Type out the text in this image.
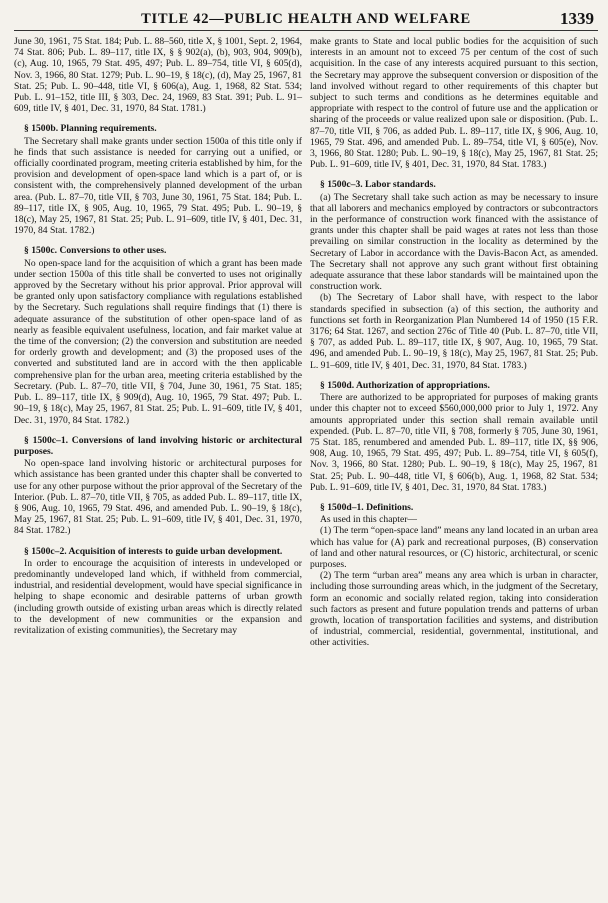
TITLE 42—PUBLIC HEALTH AND WELFARE	1339

June 30, 1961, 75 Stat. 184; Pub. L. 88–560, title X, § 1001, Sept. 2, 1964, 74 Stat. 806; Pub. L. 89–117, title IX, § § 902(a), (b), 903, 904, 909(b), (c), Aug. 10, 1965, 79 Stat. 495, 497; Pub. L. 89–754, title VI, § 605(d), Nov. 3, 1966, 80 Stat. 1279; Pub. L. 90–19, § 18(c), (d), May 25, 1967, 81 Stat. 25; Pub. L. 90–448, title VI, § 606(a), Aug. 1, 1968, 82 Stat. 534; Pub. L. 91–152, title III, § 303, Dec. 24, 1969, 83 Stat. 391; Pub. L. 91–609, title IV, § 401, Dec. 31, 1970, 84 Stat. 1781.)

§ 1500b. Planning requirements.

The Secretary shall make grants under section 1500a of this title only if he finds that such assistance is needed for carrying out a unified, or officially coordinated program, meeting criteria established by him, for the provision and development of open-space land which is a part of, or is consistent with, the comprehensively planned development of the urban area. (Pub. L. 87–70, title VII, § 703, June 30, 1961, 75 Stat. 184; Pub. L. 89–117, title IX, § 905, Aug. 10, 1965, 79 Stat. 495; Pub. L. 90–19, § 18(c), May 25, 1967, 81 Stat. 25; Pub. L. 91–609, title IV, § 401, Dec. 31, 1970, 84 Stat. 1782.)

§ 1500c. Conversions to other uses.

No open-space land for the acquisition of which a grant has been made under section 1500a of this title shall be converted to uses not originally approved by the Secretary without his prior approval. Prior approval will be granted only upon satisfactory compliance with regulations established by the Secretary. Such regulations shall require findings that (1) there is adequate assurance of the substitution of other open-space land of as nearly as feasible equivalent usefulness, location, and fair market value at the time of the conversion; (2) the conversion and substitution are needed for orderly growth and development; and (3) the proposed uses of the converted and substituted land are in accord with the then applicable comprehensive plan for the urban area, meeting criteria established by the Secretary. (Pub. L. 87–70, title VII, § 704, June 30, 1961, 75 Stat. 185; Pub. L. 89–117, title IX, § 909(d), Aug. 10, 1965, 79 Stat. 497; Pub. L. 90–19, § 18(c), May 25, 1967, 81 Stat. 25; Pub. L. 91–609, title IV, § 401, Dec. 31, 1970, 84 Stat. 1782.)

§ 1500c–1. Conversions of land involving historic or architectural purposes.

No open-space land involving historic or architectural purposes for which assistance has been granted under this chapter shall be converted to use for any other purpose without the prior approval of the Secretary of the Interior. (Pub. L. 87–70, title VII, § 705, as added Pub. L. 89–117, title IX, § 906, Aug. 10, 1965, 79 Stat. 496, and amended Pub. L. 90–19, § 18(c), May 25, 1967, 81 Stat. 25; Pub. L. 91–609, title IV, § 401, Dec. 31, 1970, 84 Stat. 1782.)

§ 1500c–2. Acquisition of interests to guide urban development.

In order to encourage the acquisition of interests in undeveloped or predominantly undeveloped land which, if withheld from commercial, industrial, and residential development, would have special significance in helping to shape economic and desirable patterns of urban growth (including growth outside of existing urban areas which is directly related to the development of new communities or the expansion and revitalization of existing communities), the Secretary may

make grants to State and local public bodies for the acquisition of such interests in an amount not to exceed 75 per centum of the cost of such acquisition. In the case of any interests acquired pursuant to this section, the Secretary may approve the subsequent conversion or disposition of the land involved without regard to other requirements of this chapter but subject to such terms and conditions as he determines equitable and appropriate with respect to the control of future use and the application or sharing of the proceeds or value realized upon sale or disposition. (Pub. L. 87–70, title VII, § 706, as added Pub. L. 89–117, title IX, § 906, Aug. 10, 1965, 79 Stat. 496, and amended Pub. L. 89–754, title VI, § 605(e), Nov. 3, 1966, 80 Stat. 1280; Pub. L. 90–19, § 18(c), May 25, 1967, 81 Stat. 25; Pub. L. 91–609, title IV, § 401, Dec. 31, 1970, 84 Stat. 1783.)

§ 1500c–3. Labor standards.

(a) The Secretary shall take such action as may be necessary to insure that all laborers and mechanics employed by contractors or subcontractors in the performance of construction work financed with the assistance of grants under this chapter shall be paid wages at rates not less than those prevailing on similar construction in the locality as determined by the Secretary of Labor in accordance with the Davis-Bacon Act, as amended. The Secretary shall not approve any such grant without first obtaining adequate assurance that these labor standards will be maintained upon the construction work.

(b) The Secretary of Labor shall have, with respect to the labor standards specified in subsection (a) of this section, the authority and functions set forth in Reorganization Plan Numbered 14 of 1950 (15 F.R. 3176; 64 Stat. 1267, and section 276c of Title 40 (Pub. L. 87–70, title VII, § 707, as added Pub. L. 89–117, title IX, § 907, Aug. 10, 1965, 79 Stat. 496, and amended Pub. L. 90–19, § 18(c), May 25, 1967, 81 Stat. 25; Pub. L. 91–609, title IV, § 401, Dec. 31, 1970, 84 Stat. 1783.)

§ 1500d. Authorization of appropriations.

There are authorized to be appropriated for purposes of making grants under this chapter not to exceed $560,000,000 prior to July 1, 1972. Any amounts appropriated under this section shall remain available until expended. (Pub. L. 87–70, title VII, § 708, formerly § 705, June 30, 1961, 75 Stat. 185, renumbered and amended Pub. L. 89–117, title IX, §§ 906, 908, Aug. 10, 1965, 79 Stat. 495, 497; Pub. L. 89–754, title VI, § 605(f), Nov. 3, 1966, 80 Stat. 1280; Pub. L. 90–19, § 18(c), May 25, 1967, 81 Stat. 25; Pub. L. 90–448, title VI, § 606(b), Aug. 1, 1968, 82 Stat. 534; Pub. L. 91–609, title IV, § 401, Dec. 31, 1970, 84 Stat. 1783.)

§ 1500d–1. Definitions.

As used in this chapter—

(1) The term “open-space land” means any land located in an urban area which has value for (A) park and recreational purposes, (B) conservation of land and other natural resources, or (C) historic, architectural, or scenic purposes.

(2) The term “urban area” means any area which is urban in character, including those surrounding areas which, in the judgment of the Secretary, form an economic and socially related region, taking into consideration such factors as present and future population trends and patterns of urban growth, location of transportation facilities and systems, and distribution of industrial, commercial, residential, governmental, institutional, and other activities.
